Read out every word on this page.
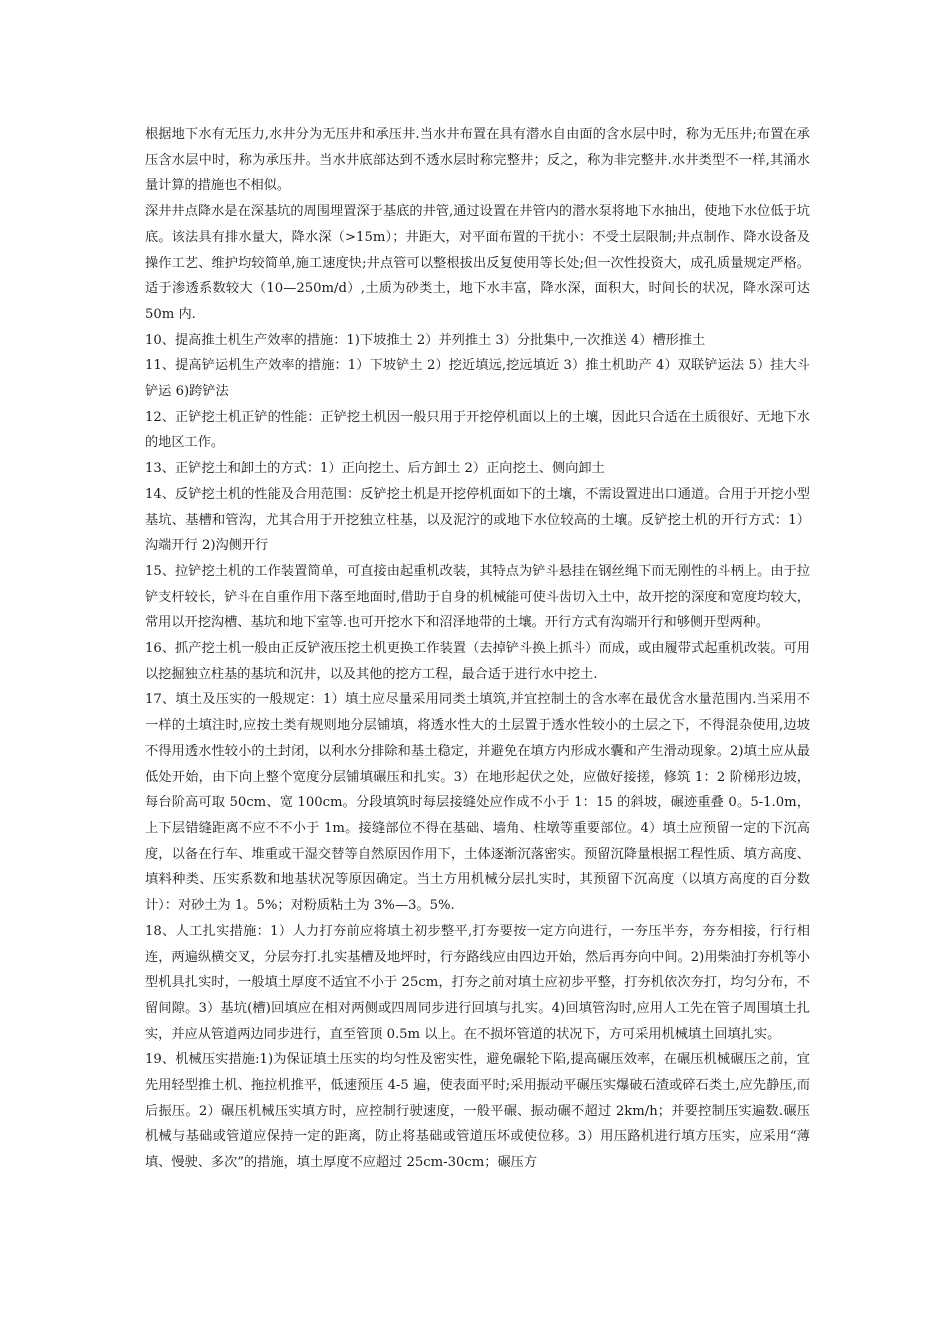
根据地下水有无压力,水井分为无压井和承压井.当水井布置在具有潜水自由面的含水层中时，称为无压井;布置在承压含水层中时，称为承压井。当水井底部达到不透水层时称完整井；反之，称为非完整井.水井类型不一样,其涌水量计算的措施也不相似。

深井井点降水是在深基坑的周围埋置深于基底的井管,通过设置在井管内的潜水泵将地下水抽出，使地下水位低于坑底。该法具有排水量大，降水深（>15m）；井距大，对平面布置的干扰小：不受土层限制;井点制作、降水设备及操作工艺、维护均较简单,施工速度快;井点管可以整根拔出反复使用等长处;但一次性投资大，成孔质量规定严格。适于渗透系数较大（10—250m/d）,土质为砂类土，地下水丰富，降水深，面积大，时间长的状况，降水深可达 50m 内.

10、提高推土机生产效率的措施：1)下坡推土 2）并列推土 3）分批集中,一次推送 4）槽形推土

11、提高铲运机生产效率的措施：1）下坡铲土 2）挖近填远,挖远填近 3）推土机助产 4）双联铲运法 5）挂大斗铲运 6)跨铲法

12、正铲挖土机正铲的性能：正铲挖土机因一般只用于开挖停机面以上的土壤，因此只合适在土质很好、无地下水的地区工作。

13、正铲挖土和卸土的方式：1）正向挖土、后方卸土 2）正向挖土、侧向卸土

14、反铲挖土机的性能及合用范围：反铲挖土机是开挖停机面如下的土壤，不需设置进出口通道。合用于开挖小型基坑、基槽和管沟，尤其合用于开挖独立柱基，以及泥泞的或地下水位较高的土壤。反铲挖土机的开行方式：1）沟端开行 2)沟侧开行

15、拉铲挖土机的工作装置简单，可直接由起重机改装，其特点为铲斗悬挂在钢丝绳下而无刚性的斗柄上。由于拉铲支杆较长，铲斗在自重作用下落至地面时,借助于自身的机械能可使斗齿切入土中，故开挖的深度和宽度均较大，常用以开挖沟槽、基坑和地下室等.也可开挖水下和沼泽地带的土壤。开行方式有沟端开行和够侧开型两种。

16、抓产挖土机一般由正反铲液压挖土机更换工作装置（去掉铲斗换上抓斗）而成，或由履带式起重机改装。可用以挖掘独立柱基的基坑和沉井，以及其他的挖方工程，最合适于进行水中挖土.

17、填土及压实的一般规定：1）填土应尽量采用同类土填筑,并宜控制土的含水率在最优含水量范围内.当采用不一样的土填注时,应按土类有规则地分层铺填，将透水性大的土层置于透水性较小的土层之下，不得混杂使用,边坡不得用透水性较小的土封闭，以利水分排除和基土稳定，并避免在填方内形成水囊和产生滑动现象。2)填土应从最低处开始，由下向上整个宽度分层铺填碾压和扎实。3）在地形起伏之处，应做好接搓，修筑 1：2 阶梯形边坡，每台阶高可取 50cm、宽 100cm。分段填筑时每层接缝处应作成不小于 1：15 的斜坡，碾迹重叠 0。5-1.0m，上下层错缝距离不应不不小于 1m。接缝部位不得在基础、墙角、柱墩等重要部位。4）填土应预留一定的下沉高度，以备在行车、堆重或干湿交替等自然原因作用下，土体逐渐沉落密实。预留沉降量根据工程性质、填方高度、填料种类、压实系数和地基状况等原因确定。当土方用机械分层扎实时，其预留下沉高度（以填方高度的百分数计）：对砂土为 1。5%；对粉质粘土为 3%—3。5%.

18、人工扎实措施：1）人力打夯前应将填土初步整平,打夯要按一定方向进行，一夯压半夯，夯夯相接，行行相连，两遍纵横交叉，分层夯打.扎实基槽及地坪时，行夯路线应由四边开始，然后再夯向中间。2)用柴油打夯机等小型机具扎实时，一般填土厚度不适宜不小于 25cm，打夯之前对填土应初步平整，打夯机依次夯打，均匀分布，不留间隙。3）基坑(槽)回填应在相对两侧或四周同步进行回填与扎实。4)回填管沟时,应用人工先在管子周围填土扎实，并应从管道两边同步进行，直至管顶 0.5m 以上。在不损坏管道的状况下，方可采用机械填土回填扎实。

19、机械压实措施:1)为保证填土压实的均匀性及密实性，避免碾轮下陷,提高碾压效率，在碾压机械碾压之前，宜先用轻型推土机、拖拉机推平，低速预压 4-5 遍，使表面平时;采用振动平碾压实爆破石渣或碎石类土,应先静压,而后振压。2）碾压机械压实填方时，应控制行驶速度，一般平碾、振动碾不超过 2km/h；并要控制压实遍数.碾压机械与基础或管道应保持一定的距离，防止将基础或管道压坏或使位移。3）用压路机进行填方压实，应采用“薄填、慢驶、多次”的措施，填土厚度不应超过 25cm-30cm；碾压方
